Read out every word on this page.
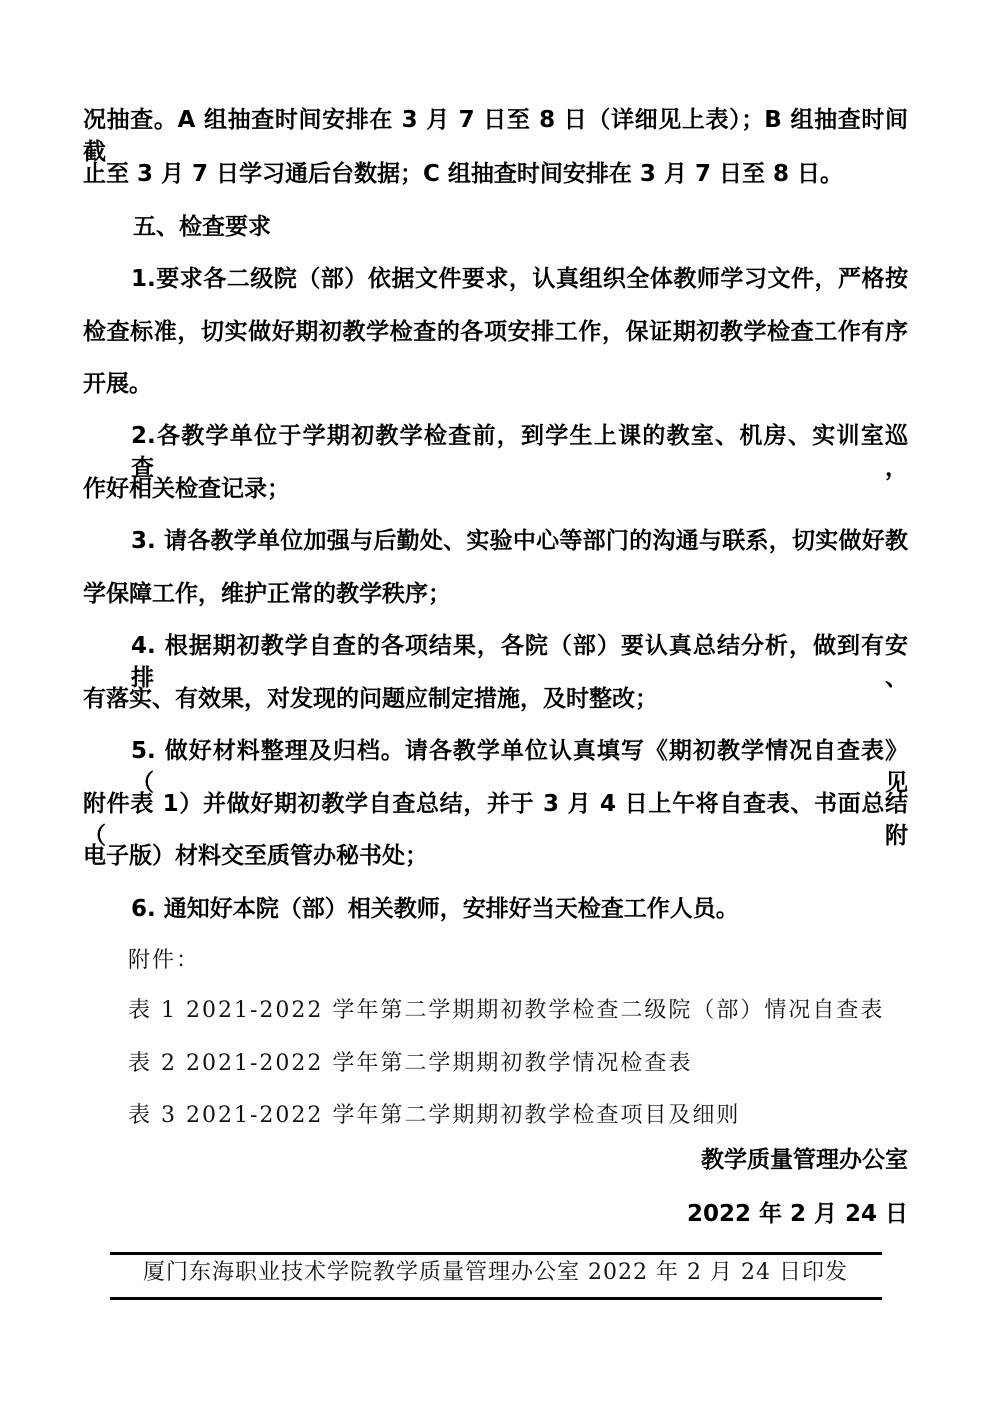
况抽查。A 组抽查时间安排在 3 月 7 日至 8 日（详细见上表）；B 组抽查时间截
止至 3 月 7 日学习通后台数据；C 组抽查时间安排在 3 月 7 日至 8 日。
五、检查要求
1.要求各二级院（部）依据文件要求，认真组织全体教师学习文件，严格按
检查标准，切实做好期初教学检查的各项安排工作，保证期初教学检查工作有序
开展。
2.各教学单位于学期初教学检查前，到学生上课的教室、机房、实训室巡查，
作好相关检查记录；
3. 请各教学单位加强与后勤处、实验中心等部门的沟通与联系，切实做好教
学保障工作，维护正常的教学秩序；
4. 根据期初教学自查的各项结果，各院（部）要认真总结分析，做到有安排、
有落实、有效果，对发现的问题应制定措施，及时整改；
5. 做好材料整理及归档。请各教学单位认真填写《期初教学情况自查表》（见
附件表 1）并做好期初教学自查总结，并于 3 月 4 日上午将自查表、书面总结（附
电子版）材料交至质管办秘书处；
6. 通知好本院（部）相关教师，安排好当天检查工作人员。
附件：
表 1 2021-2022 学年第二学期期初教学检查二级院（部）情况自查表
表 2 2021-2022 学年第二学期期初教学情况检查表
表 3 2021-2022 学年第二学期期初教学检查项目及细则
教学质量管理办公室
2022 年 2 月 24 日
厦门东海职业技术学院教学质量管理办公室 2022 年 2 月 24 日印发
